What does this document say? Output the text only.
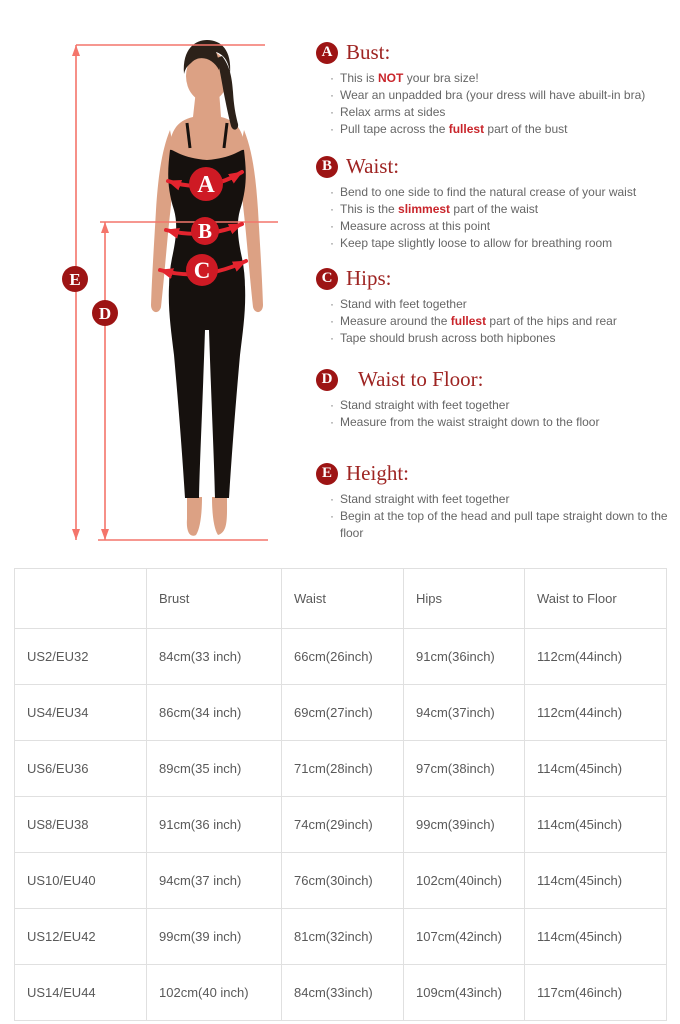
E
D
A
B
C
A Bust:
· This is NOT your bra size!
· Wear an unpadded bra (your dress will have abuilt-in bra)
· Relax arms at sides
· Pull tape across the fullest part of the bust
B Waist:
· Bend to one side to find the natural crease of your waist
· This is the slimmest part of the waist
· Measure across at this point
· Keep tape slightly loose to allow for breathing room
C Hips:
· Stand with feet together
· Measure around the fullest part of the hips and rear
· Tape should brush across both hipbones
D Waist to Floor:
· Stand straight with feet together
· Measure from the waist straight down to the floor
E Height:
· Stand straight with feet together
· Begin at the top of the head and pull tape straight down to the floor
	Brust	Waist	Hips	Waist to Floor
US2/EU32	84cm(33 inch)	66cm(26inch)	91cm(36inch)	112cm(44inch)
US4/EU34	86cm(34 inch)	69cm(27inch)	94cm(37inch)	112cm(44inch)
US6/EU36	89cm(35 inch)	71cm(28inch)	97cm(38inch)	114cm(45inch)
US8/EU38	91cm(36 inch)	74cm(29inch)	99cm(39inch)	114cm(45inch)
US10/EU40	94cm(37 inch)	76cm(30inch)	102cm(40inch)	114cm(45inch)
US12/EU42	99cm(39 inch)	81cm(32inch)	107cm(42inch)	114cm(45inch)
US14/EU44	102cm(40 inch)	84cm(33inch)	109cm(43inch)	117cm(46inch)
